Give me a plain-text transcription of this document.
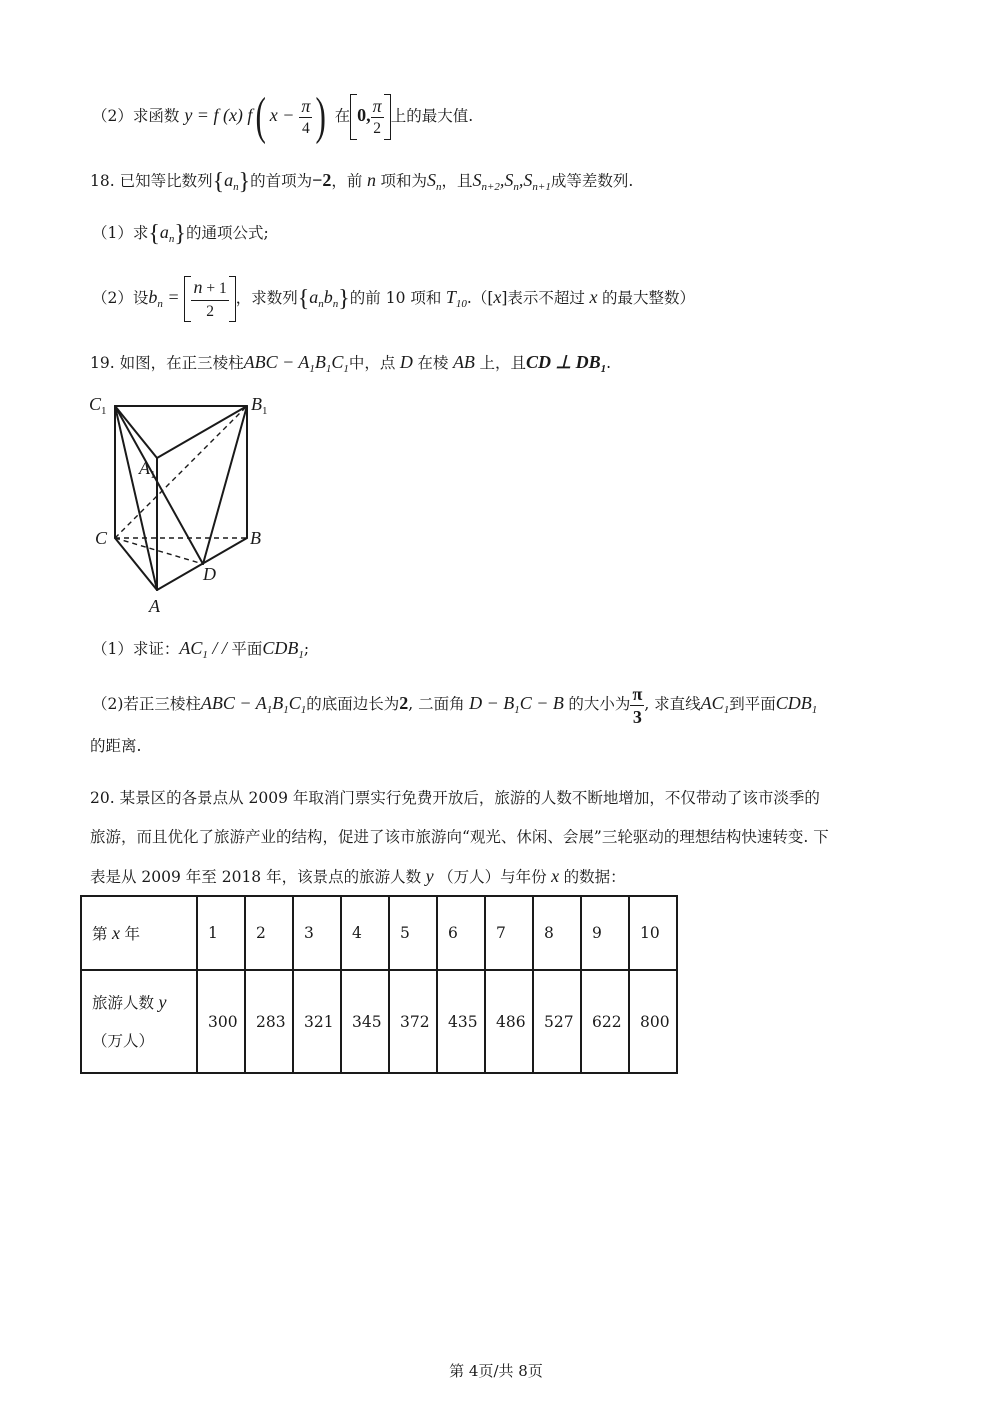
（2）求函数 y = f (x) f( $x - \frac{\pi}{4}$ ) 在 0, $\frac{\pi}{2}$ 上的最大值.
18. 已知等比数列$\{a_n\}$的首项为−2，前 n 项和为$S_n$，且$S_{n+2},S_n,S_{n+1}$成等差数列.
（1）求$\{a_n\}$的通项公式;
（2）设$b_n = \frac{n + 1}{2}$ ，求数列$\{a_nb_n\}$的前 10 项和 $T_{10}.([x]$表示不超过 x 的最大整数）
19. 如图，在正三棱柱ABC − $A_1B_1C_1$中，点 D 在棱 AB 上，且CD ⊥ $DB_1$.
$C_1$	$B_1$
$A_1$
C	B
D
A
（1）求证：$AC_1$ / / 平面$CDB_1$;
（2)若正三棱柱ABC − $A_1B_1C_1$的底面边长为2, 二面角 $D - B_1C - B$ 的大小为 $\frac{\pi}{3}$ , 求直线$AC_1$到平面$CDB_1$
的距离.
20. 某景区的各景点从 2009 年取消门票实行免费开放后，旅游的人数不断地增加，不仅带动了该市淡季的
旅游，而且优化了旅游产业的结构，促进了该市旅游向“观光、休闲、会展”三轮驱动的理想结构快速转变. 下
表是从 2009 年至 2018 年，该景点的旅游人数 y （万人）与年份 x 的数据：
第 x 年	1	2	3	4	5	6	7	8	9	10
旅游人数 y
（万人）	300	283	321	345	372	435	486	527	622	800
第 4页/共 8页
